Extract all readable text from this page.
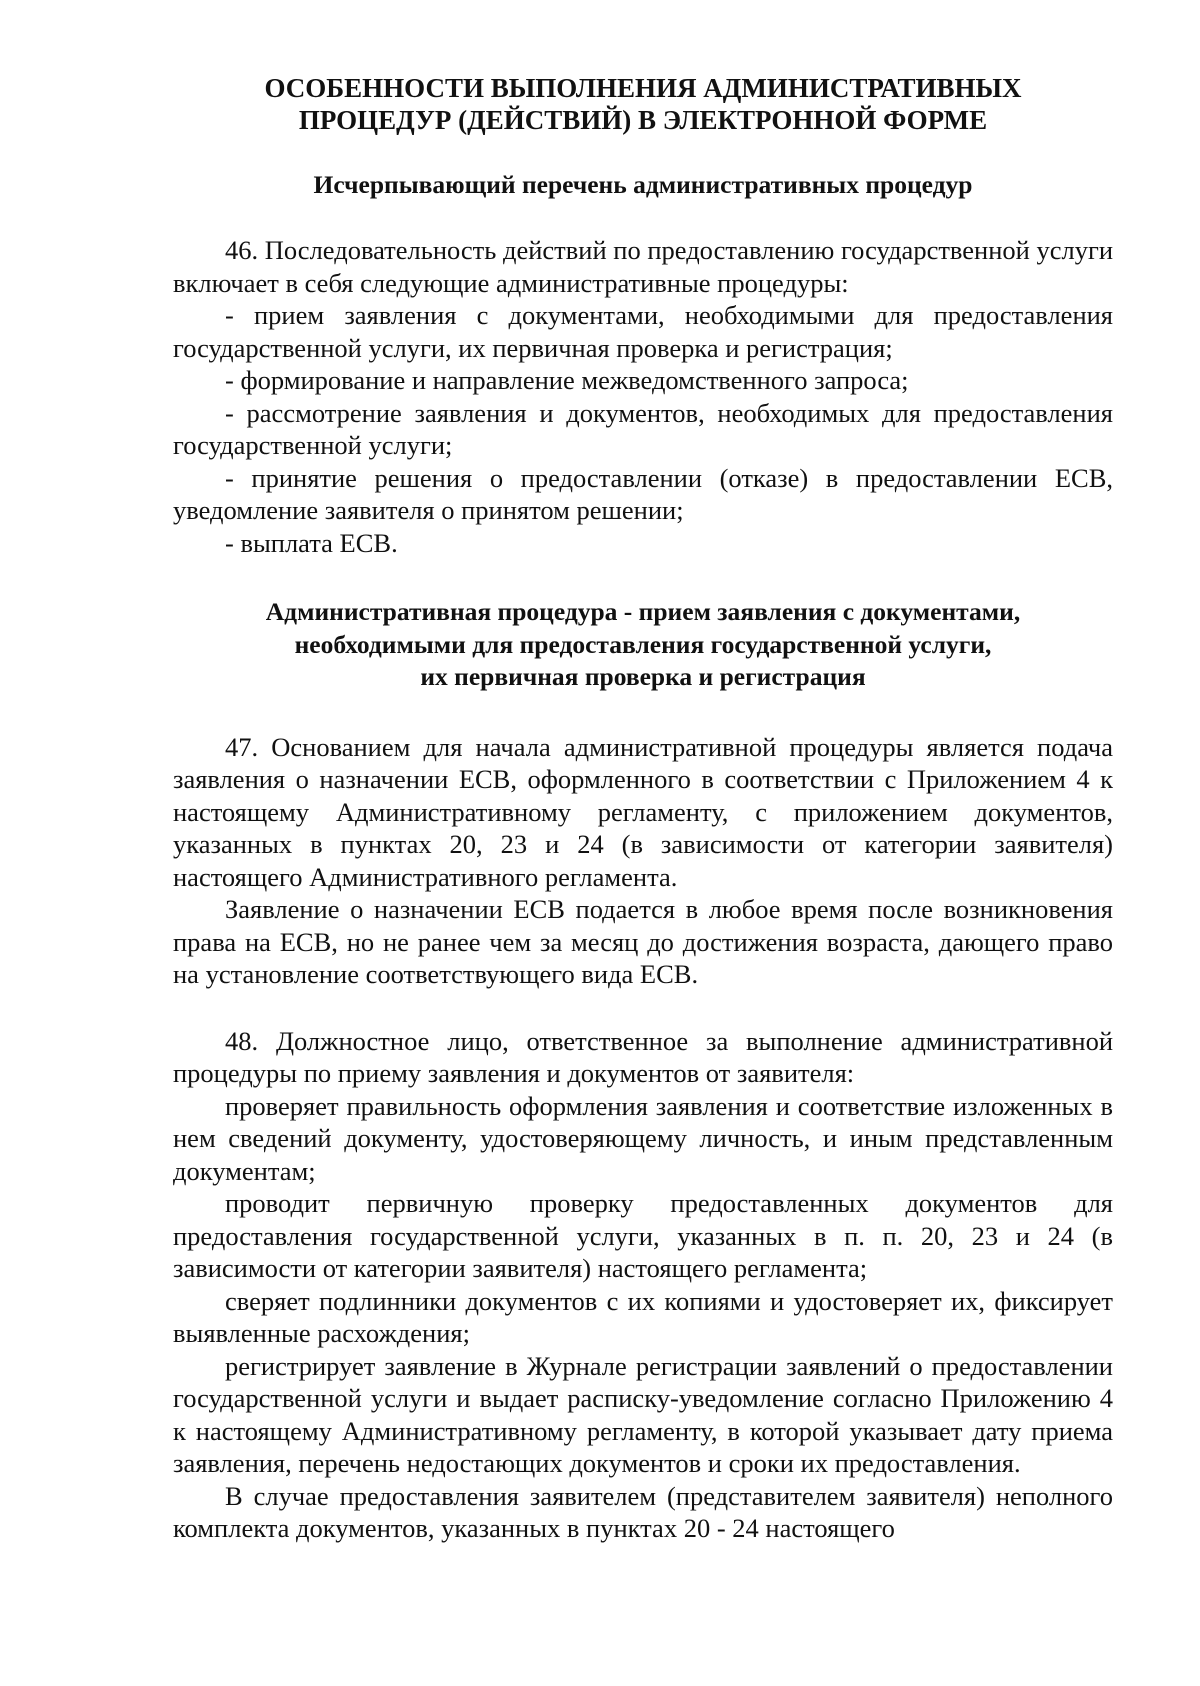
ОСОБЕННОСТИ ВЫПОЛНЕНИЯ АДМИНИСТРАТИВНЫХ
ПРОЦЕДУР (ДЕЙСТВИЙ) В ЭЛЕКТРОННОЙ ФОРМЕ

Исчерпывающий перечень административных процедур

46. Последовательность действий по предоставлению государственной услуги включает в себя следующие административные процедуры:

- прием заявления с документами, необходимыми для предоставления государственной услуги, их первичная проверка и регистрация;

- формирование и направление межведомственного запроса;

- рассмотрение заявления и документов, необходимых для предоставления государственной услуги;

- принятие решения о предоставлении (отказе) в предоставлении ЕСВ, уведомление заявителя о принятом решении;

- выплата ЕСВ.

Административная процедура - прием заявления с документами,
необходимыми для предоставления государственной услуги,
их первичная проверка и регистрация

47. Основанием для начала административной процедуры является подача заявления о назначении ЕСВ, оформленного в соответствии с Приложением 4 к настоящему Административному регламенту, с приложением документов, указанных в пунктах 20, 23 и 24 (в зависимости от категории заявителя) настоящего Административного регламента.

Заявление о назначении ЕСВ подается в любое время после возникновения права на ЕСВ, но не ранее чем за месяц до достижения возраста, дающего право на установление соответствующего вида ЕСВ.

48. Должностное лицо, ответственное за выполнение административной процедуры по приему заявления и документов от заявителя:

проверяет правильность оформления заявления и соответствие изложенных в нем сведений документу, удостоверяющему личность, и иным представленным документам;

проводит первичную проверку предоставленных документов для предоставления государственной услуги, указанных в п. п. 20, 23 и 24 (в зависимости от категории заявителя) настоящего регламента;

сверяет подлинники документов с их копиями и удостоверяет их, фиксирует выявленные расхождения;

регистрирует заявление в Журнале регистрации заявлений о предоставлении государственной услуги и выдает расписку-уведомление согласно Приложению 4 к настоящему Административному регламенту, в которой указывает дату приема заявления, перечень недостающих документов и сроки их предоставления.

В случае предоставления заявителем (представителем заявителя) неполного комплекта документов, указанных в пунктах 20 - 24 настоящего
